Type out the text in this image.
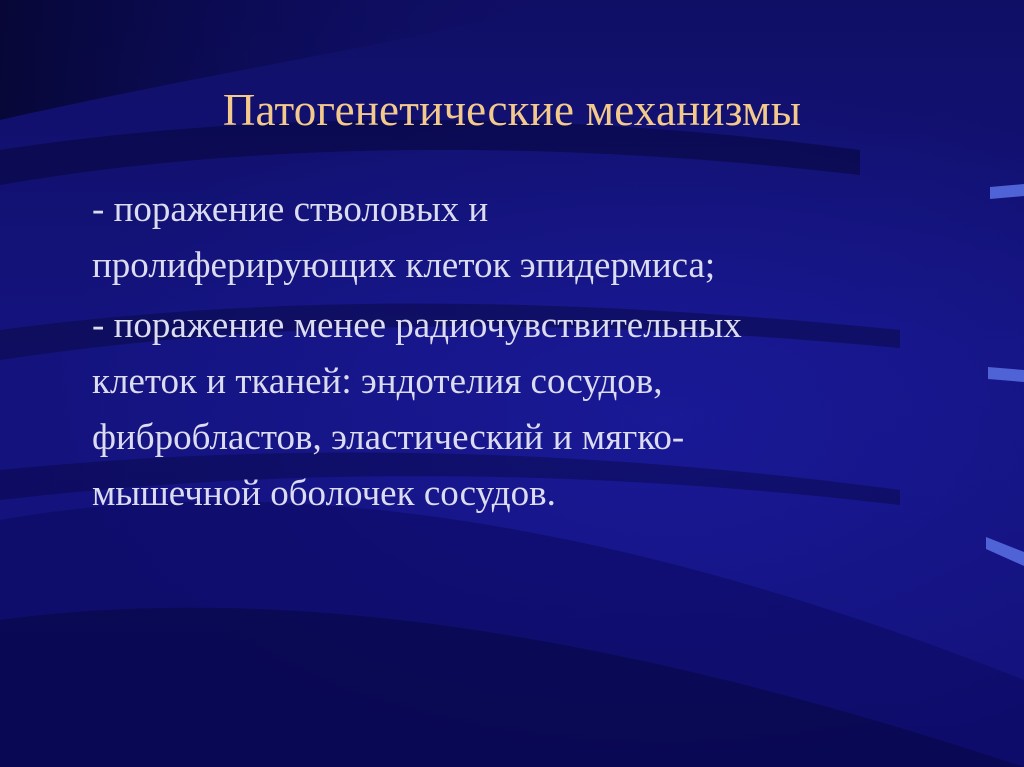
Патогенетические механизмы
- поражение стволовых и
пролиферирующих клеток эпидермиса;
- поражение менее радиочувствительных
клеток и тканей: эндотелия сосудов,
фибробластов, эластический и мягко-
мышечной оболочек сосудов.
